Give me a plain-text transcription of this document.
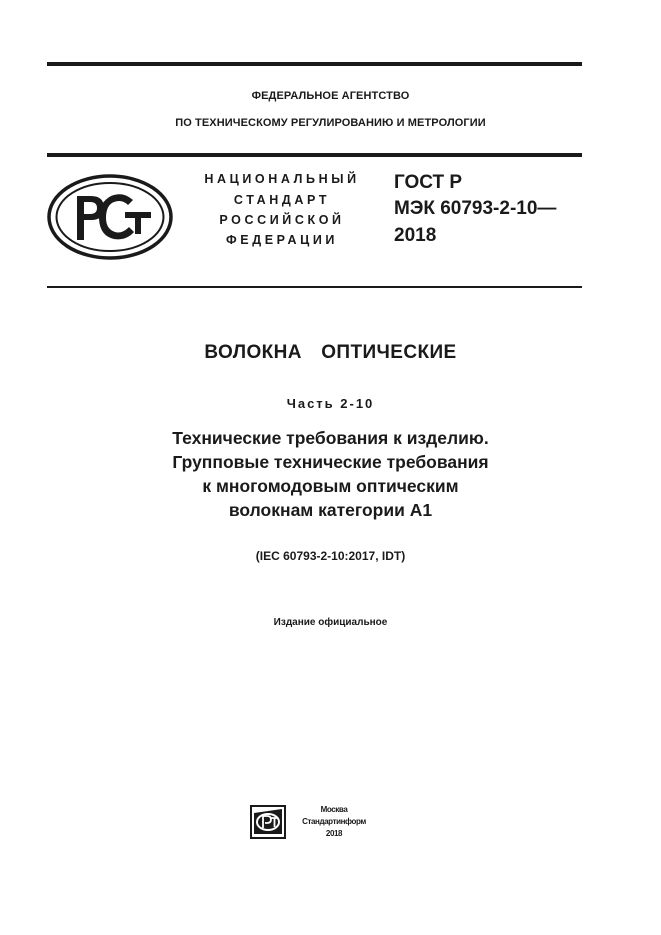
ФЕДЕРАЛЬНОЕ АГЕНТСТВО
ПО ТЕХНИЧЕСКОМУ РЕГУЛИРОВАНИЮ И МЕТРОЛОГИИ
НАЦИОНАЛЬНЫЙ
СТАНДАРТ
РОССИЙСКОЙ
ФЕДЕРАЦИИ
ГОСТ Р
МЭК 60793-2-10—
2018
ВОЛОКНА  ОПТИЧЕСКИЕ
Часть 2-10
Технические требования к изделию.
Групповые технические требования
к многомодовым оптическим
волокнам категории А1
(IEC 60793-2-10:2017, IDT)
Издание официальное
Москва
Стандартинформ
2018
